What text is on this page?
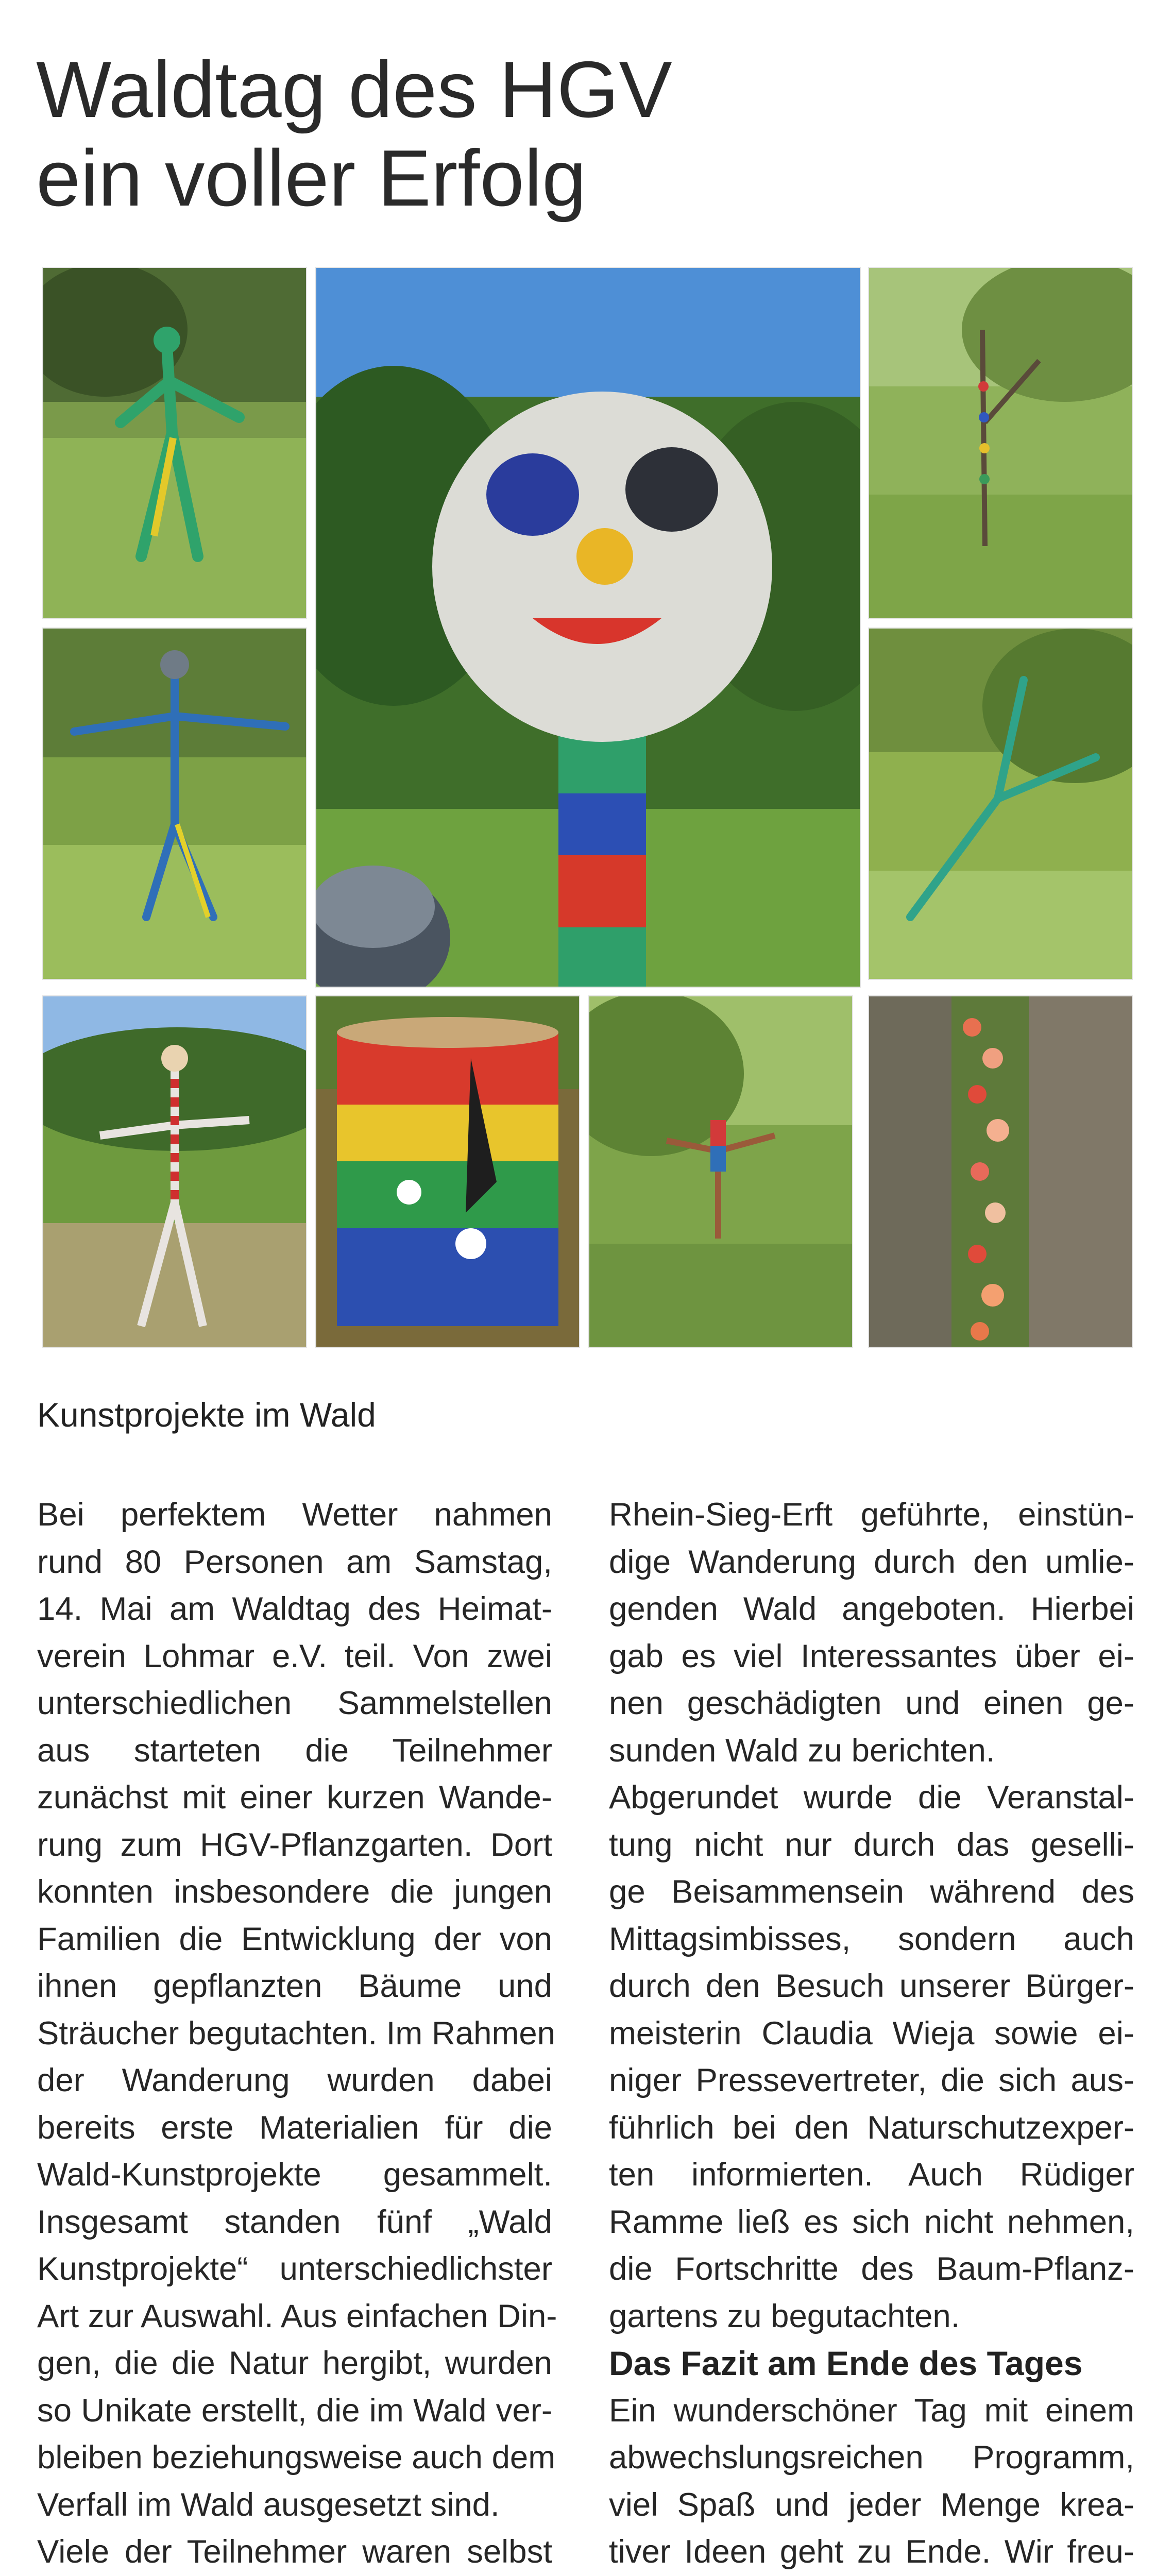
Waldtag des HGV
ein voller Erfolg
Kunstprojekte im Wald
Bei perfektem Wetter nahmen
rund 80 Personen am Samstag,
14. Mai am Waldtag des Heimat-
verein Lohmar e.V. teil. Von zwei
unterschiedlichen Sammelstellen
aus starteten die Teilnehmer
zunächst mit einer kurzen Wande-
rung zum HGV-Pflanzgarten. Dort
konnten insbesondere die jungen
Familien die Entwicklung der von
ihnen gepflanzten Bäume und
Sträucher begutachten. Im Rahmen
der Wanderung wurden dabei
bereits erste Materialien für die
Wald-Kunstprojekte gesammelt.
Insgesamt standen fünf „Wald
Kunstprojekte“ unterschiedlichster
Art zur Auswahl. Aus einfachen Din-
gen, die die Natur hergibt, wurden
so Unikate erstellt, die im Wald ver-
bleiben beziehungsweise auch dem
Verfall im Wald ausgesetzt sind.
Viele der Teilnehmer waren selbst
Rhein-Sieg-Erft geführte, einstün-
dige Wanderung durch den umlie-
genden Wald angeboten. Hierbei
gab es viel Interessantes über ei-
nen geschädigten und einen ge-
sunden Wald zu berichten.
Abgerundet wurde die Veranstal-
tung nicht nur durch das geselli-
ge Beisammensein während des
Mittagsimbisses, sondern auch
durch den Besuch unserer Bürger-
meisterin Claudia Wieja sowie ei-
niger Pressevertreter, die sich aus-
führlich bei den Naturschutzexper-
ten informierten. Auch Rüdiger
Ramme ließ es sich nicht nehmen,
die Fortschritte des Baum-Pflanz-
gartens zu begutachten.
Das Fazit am Ende des Tages
Ein wunderschöner Tag mit einem
abwechslungsreichen Programm,
viel Spaß und jeder Menge krea-
tiver Ideen geht zu Ende. Wir freu-
